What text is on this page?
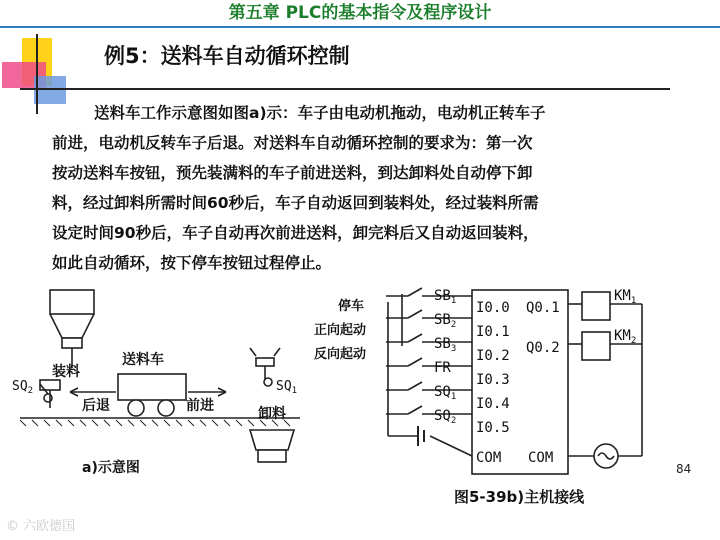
第五章 PLC的基本指令及程序设计
例5：送料车自动循环控制
送料车工作示意图如图a)示：车子由电动机拖动，电动机正转车子
前进，电动机反转车子后退。对送料车自动循环控制的要求为：第一次
按动送料车按钮，预先装满料的车子前进送料，到达卸料处自动停下卸
料，经过卸料所需时间60秒后，车子自动返回到装料处，经过装料所需
设定时间90秒后，车子自动再次前进送料，卸完料后又自动返回装料，
如此自动循环，按下停车按钮过程停止。
$SQ_2$
装料
送料车
后退	前进
$SQ_1$
卸料
a)示意图
停车
正向起动
反向起动
$SB_1$
$SB_2$
$SB_3$
FR
$SQ_1$
$SQ_2$
I0.0
I0.1
I0.2
I0.3
I0.4
I0.5
COM COM
Q0.1
Q0.2
$KM_1$
$KM_2$
图5-39b)主机接线
84
© 六欧德国
